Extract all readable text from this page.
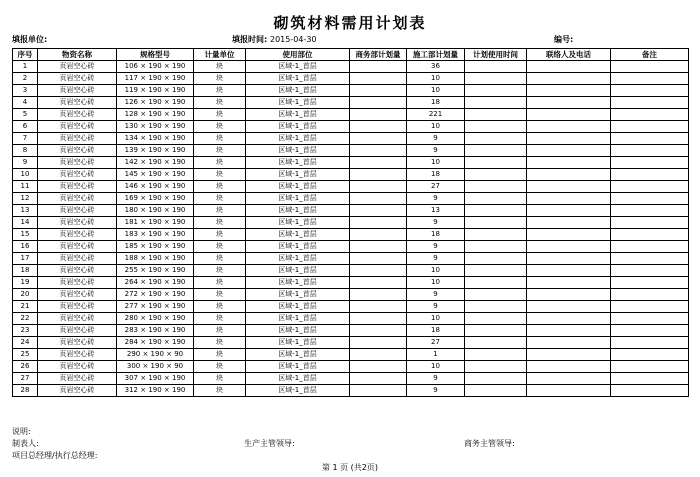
砌筑材料需用计划表
填报单位:	填报时间: 2015-04-30	编号:
序号	物资名称	规格型号	计量单位	使用部位	商务部计划量	施工部计划量	计划使用时间	联络人及电话	备注
1	页岩空心砖	106 × 190 × 190	块	区域-1_首层		36			
2	页岩空心砖	117 × 190 × 190	块	区域-1_首层		10			
3	页岩空心砖	119 × 190 × 190	块	区域-1_首层		10			
4	页岩空心砖	126 × 190 × 190	块	区域-1_首层		18			
5	页岩空心砖	128 × 190 × 190	块	区域-1_首层		221			
6	页岩空心砖	130 × 190 × 190	块	区域-1_首层		10			
7	页岩空心砖	134 × 190 × 190	块	区域-1_首层		9			
8	页岩空心砖	139 × 190 × 190	块	区域-1_首层		9			
9	页岩空心砖	142 × 190 × 190	块	区域-1_首层		10			
10	页岩空心砖	145 × 190 × 190	块	区域-1_首层		18			
11	页岩空心砖	146 × 190 × 190	块	区域-1_首层		27			
12	页岩空心砖	169 × 190 × 190	块	区域-1_首层		9			
13	页岩空心砖	180 × 190 × 190	块	区域-1_首层		13			
14	页岩空心砖	181 × 190 × 190	块	区域-1_首层		9			
15	页岩空心砖	183 × 190 × 190	块	区域-1_首层		18			
16	页岩空心砖	185 × 190 × 190	块	区域-1_首层		9			
17	页岩空心砖	188 × 190 × 190	块	区域-1_首层		9			
18	页岩空心砖	255 × 190 × 190	块	区域-1_首层		10			
19	页岩空心砖	264 × 190 × 190	块	区域-1_首层		10			
20	页岩空心砖	272 × 190 × 190	块	区域-1_首层		9			
21	页岩空心砖	277 × 190 × 190	块	区域-1_首层		9			
22	页岩空心砖	280 × 190 × 190	块	区域-1_首层		10			
23	页岩空心砖	283 × 190 × 190	块	区域-1_首层		18			
24	页岩空心砖	284 × 190 × 190	块	区域-1_首层		27			
25	页岩空心砖	290 × 190 × 90	块	区域-1_首层		1			
26	页岩空心砖	300 × 190 × 90	块	区域-1_首层		10			
27	页岩空心砖	307 × 190 × 190	块	区域-1_首层		9			
28	页岩空心砖	312 × 190 × 190	块	区域-1_首层		9			
说明:
制表人:	生产主管领导:	商务主管领导:
项目总经理/执行总经理:
第 1 页 (共2页)
